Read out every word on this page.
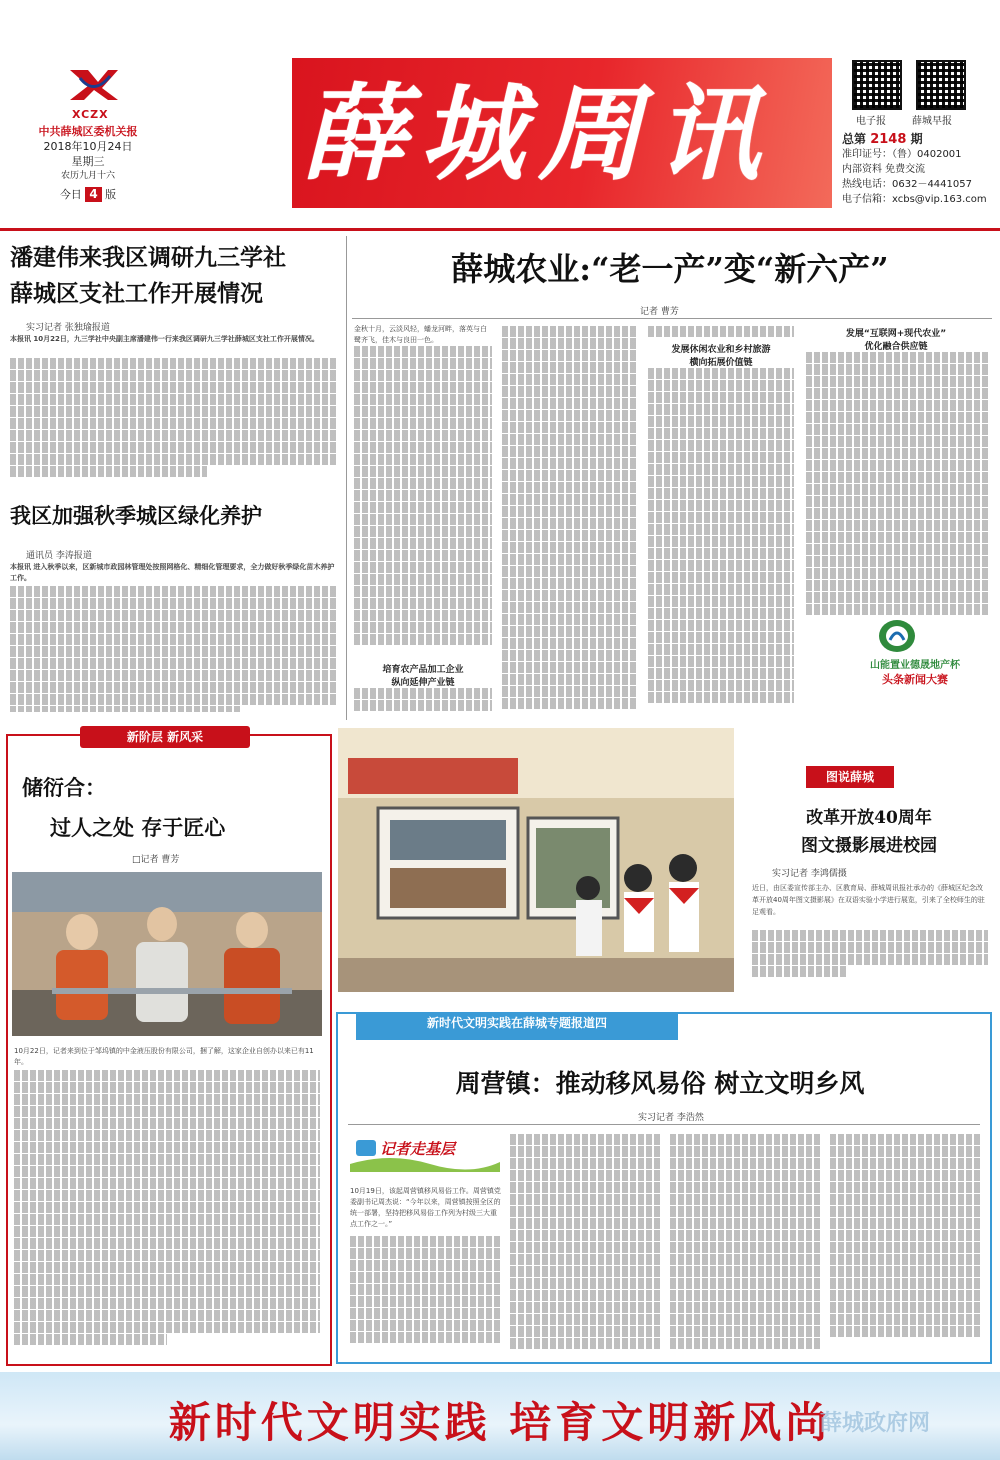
XCZX
中共薛城区委机关报
2018年10月24日
星期三
农历九月十六
今日 4 版	薛城周讯	电子报	薛城早报
总第 2148 期
准印证号：（鲁）0402001
内部资料 免费交流
热线电话：0632－4441057
电子信箱：xcbs@vip.163.com
潘建伟来我区调研九三学社
薛城区支社工作开展情况
实习记者 张独瑜报道
本报讯 10月22日，九三学社中央副主席潘建伟一行来我区调研九三学社薛城区支社工作开展情况。
我区加强秋季城区绿化养护
通讯员 李涛报道
本报讯 进入秋季以来，区新城市政园林管理处按照网格化、精细化管理要求，全力做好秋季绿化苗木养护工作。
薛城农业:“老一产”变“新六产”
记者 曹芳
金秋十月，云淡风轻，蟠龙河畔，落英与白鹭齐飞，佳木与良田一色。
培育农产品加工企业
纵向延伸产业链
发展休闲农业和乡村旅游
横向拓展价值链
发展“互联网+现代农业”
优化融合供应链
山能置业德晟地产杯
头条新闻大赛
新阶层 新风采
储衍合：
过人之处 存于匠心
□记者 曹芳
10月22日，记者来到位于邹坞镇的中金液压股份有限公司，捆了解，这家企业自创办以来已有11年。
图说薛城
改革开放40周年
图文摄影展进校园
实习记者 李鸿儒摄
近日，由区委宣传部主办、区教育局、薛城周讯报社承办的《薛城区纪念改革开放40周年图文摄影展》在双语实验小学进行展览，引来了全校师生的驻足观看。
新时代文明实践在薛城专题报道四
周营镇：推动移风易俗 树立文明乡风
实习记者 李浩然
记者走基层
10月19日，该起周营镇移风易俗工作。周营镇党委副书记周杰说：“今年以来，周营镇按照全区的统一部署，坚持把移风易俗工作列为村级三大重点工作之一。”
新时代文明实践 培育文明新风尚
薛城政府网
